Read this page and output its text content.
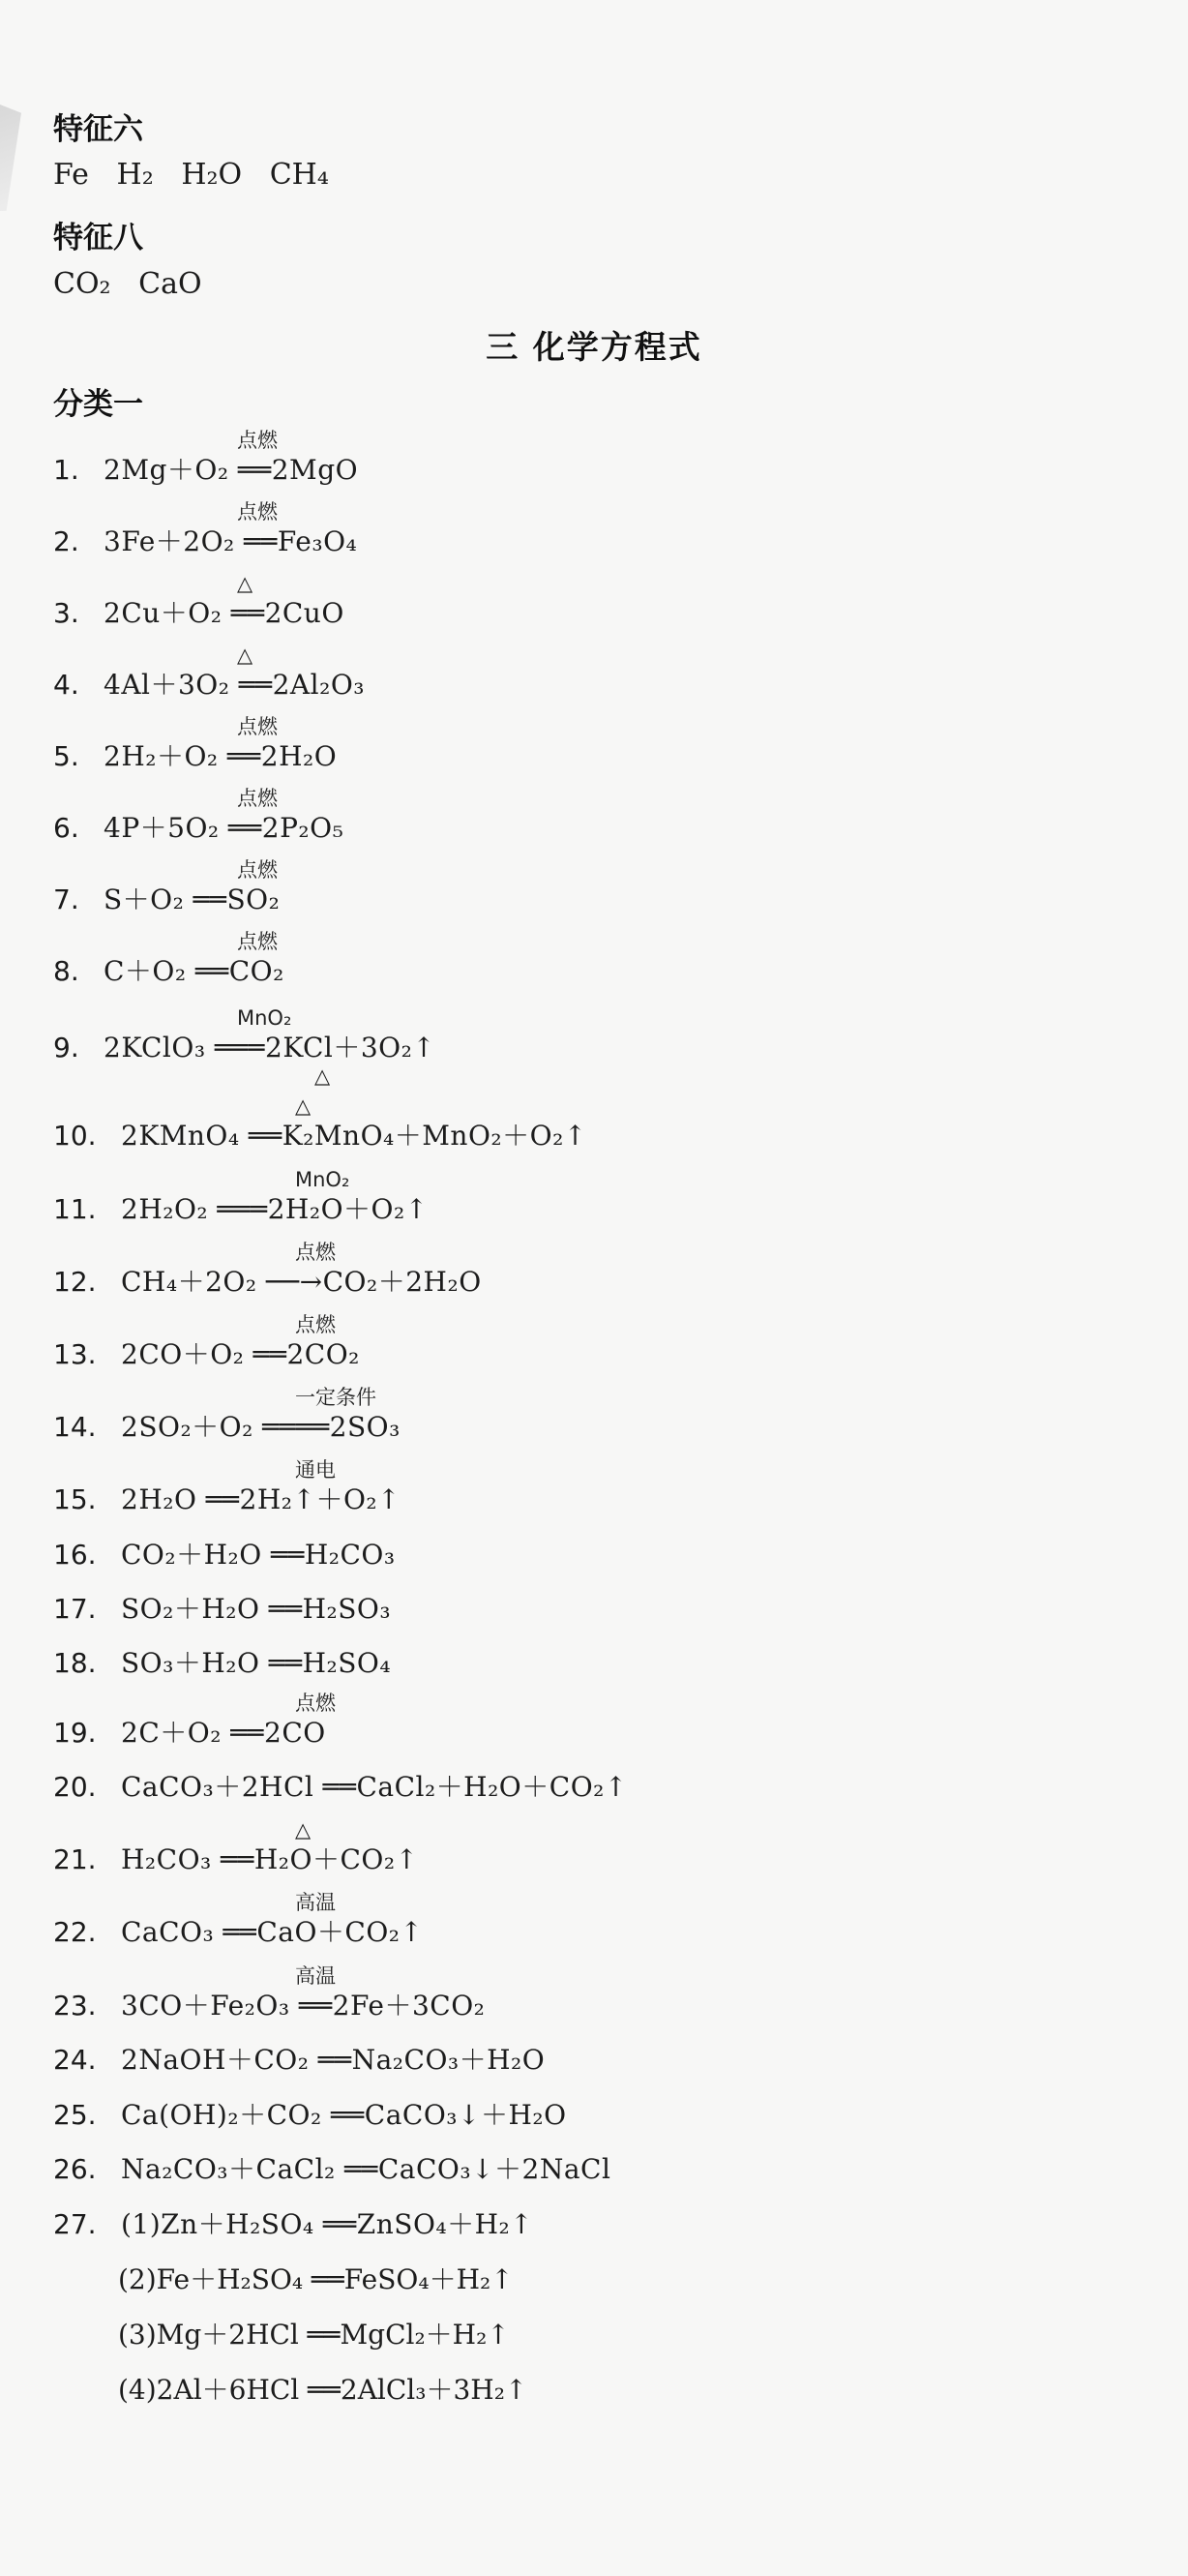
特征六
Fe   H₂   H₂O   CH₄
特征八
CO₂   CaO
三 化学方程式
分类一
1. 2Mg＋O₂ ══2MgO
点燃
2. 3Fe＋2O₂ ══Fe₃O₄
点燃
3. 2Cu＋O₂ ══2CuO
△
4. 4Al＋3O₂ ══2Al₂O₃
△
5. 2H₂＋O₂ ══2H₂O
点燃
6. 4P＋5O₂ ══2P₂O₅
点燃
7. S＋O₂ ══SO₂
点燃
8. C＋O₂ ══CO₂
点燃
9. 2KClO₃ ═══2KCl＋3O₂↑
MnO₂
△
10. 2KMnO₄ ══K₂MnO₄＋MnO₂＋O₂↑
△
11. 2H₂O₂ ═══2H₂O＋O₂↑
MnO₂
12. CH₄＋2O₂ ──→CO₂＋2H₂O
点燃
13. 2CO＋O₂ ══2CO₂
点燃
14. 2SO₂＋O₂ ════2SO₃
一定条件
15. 2H₂O ══2H₂↑＋O₂↑
通电
16. CO₂＋H₂O ══H₂CO₃
17. SO₂＋H₂O ══H₂SO₃
18. SO₃＋H₂O ══H₂SO₄
19. 2C＋O₂ ══2CO
点燃
20. CaCO₃＋2HCl ══CaCl₂＋H₂O＋CO₂↑
21. H₂CO₃ ══H₂O＋CO₂↑
△
22. CaCO₃ ══CaO＋CO₂↑
高温
23. 3CO＋Fe₂O₃ ══2Fe＋3CO₂
高温
24. 2NaOH＋CO₂ ══Na₂CO₃＋H₂O
25. Ca(OH)₂＋CO₂ ══CaCO₃↓＋H₂O
26. Na₂CO₃＋CaCl₂ ══CaCO₃↓＋2NaCl
27. (1)Zn＋H₂SO₄ ══ZnSO₄＋H₂↑
(2)Fe＋H₂SO₄ ══FeSO₄＋H₂↑
(3)Mg＋2HCl ══MgCl₂＋H₂↑
(4)2Al＋6HCl ══2AlCl₃＋3H₂↑
